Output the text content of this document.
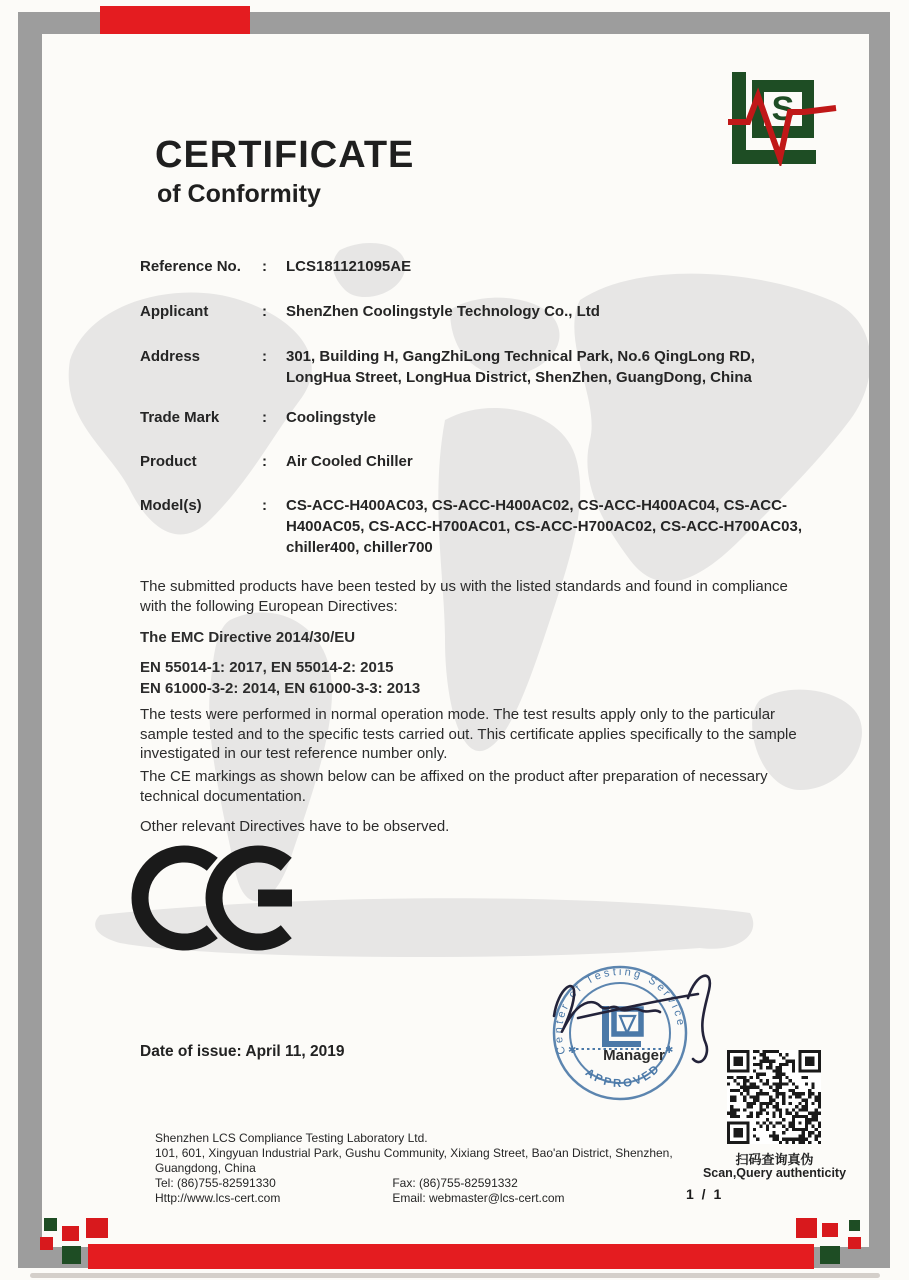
S
CERTIFICATE
of Conformity
Reference No.	:	LCS181121095AE
Applicant	:	ShenZhen Coolingstyle Technology Co., Ltd
Address	:	301, Building H, GangZhiLong Technical Park, No.6 QingLong RD, LongHua Street, LongHua District, ShenZhen, GuangDong, China
Trade Mark	:	Coolingstyle
Product	:	Air Cooled Chiller
Model(s)	:	CS-ACC-H400AC03, CS-ACC-H400AC02, CS-ACC-H400AC04, CS-ACC-H400AC05, CS-ACC-H700AC01, CS-ACC-H700AC02, CS-ACC-H700AC03, chiller400, chiller700
The submitted products have been tested by us with the listed standards and found in compliance with the following European Directives:
The EMC Directive 2014/30/EU
EN 55014-1: 2017, EN 55014-2: 2015
EN 61000-3-2: 2014, EN 61000-3-3: 2013
The tests were performed in normal operation mode. The test results apply only to the particular sample tested and to the specific tests carried out. This certificate applies specifically to the sample investigated in our test reference number only.
The CE markings as shown below can be affixed on the product after preparation of necessary technical documentation.
Other relevant Directives have to be observed.
Center of Testing Service
APPROVED
✱	✱
Manager
Date of issue: April 11, 2019
扫码查询真伪
Scan,Query authenticity
Shenzhen LCS Compliance Testing Laboratory Ltd.
101, 601, Xingyuan Industrial Park, Gushu Community, Xixiang Street, Bao'an District, Shenzhen,
Guangdong, China
Tel: (86)755-82591330	Fax: (86)755-82591332
Http://www.lcs-cert.com	Email: webmaster@lcs-cert.com	1 / 1
